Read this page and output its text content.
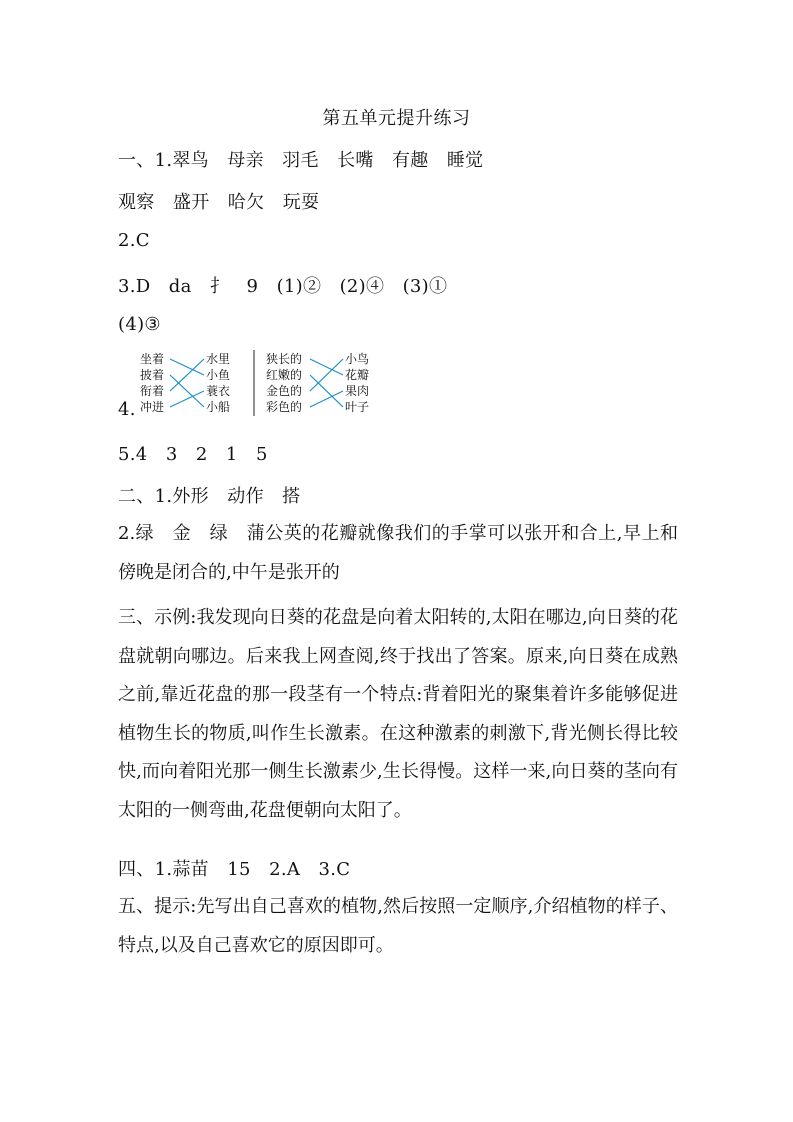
第五单元提升练习
一、1.翠鸟　母亲　羽毛　长嘴　有趣　睡觉
观察　盛开　哈欠　玩耍
2.C
3.D　da　扌　9　(1)②　(2)④　(3)①
(4)③
4.
坐着
披着
衔着
冲进
水里
小鱼
蓑衣
小船
狭长的
红嫩的
金色的
彩色的
小鸟
花瓣
果肉
叶子
5.4　3　2　1　5
二、1.外形　动作　搭
2.绿　金　绿　蒲公英的花瓣就像我们的手掌可以张开和合上,早上和傍晚是闭合的,中午是张开的
三、示例:我发现向日葵的花盘是向着太阳转的,太阳在哪边,向日葵的花盘就朝向哪边。后来我上网查阅,终于找出了答案。原来,向日葵在成熟之前,靠近花盘的那一段茎有一个特点:背着阳光的聚集着许多能够促进植物生长的物质,叫作生长激素。在这种激素的刺激下,背光侧长得比较快,而向着阳光那一侧生长激素少,生长得慢。这样一来,向日葵的茎向有太阳的一侧弯曲,花盘便朝向太阳了。
四、1.蒜苗　15　2.A　3.C
五、提示:先写出自己喜欢的植物,然后按照一定顺序,介绍植物的样子、特点,以及自己喜欢它的原因即可。
